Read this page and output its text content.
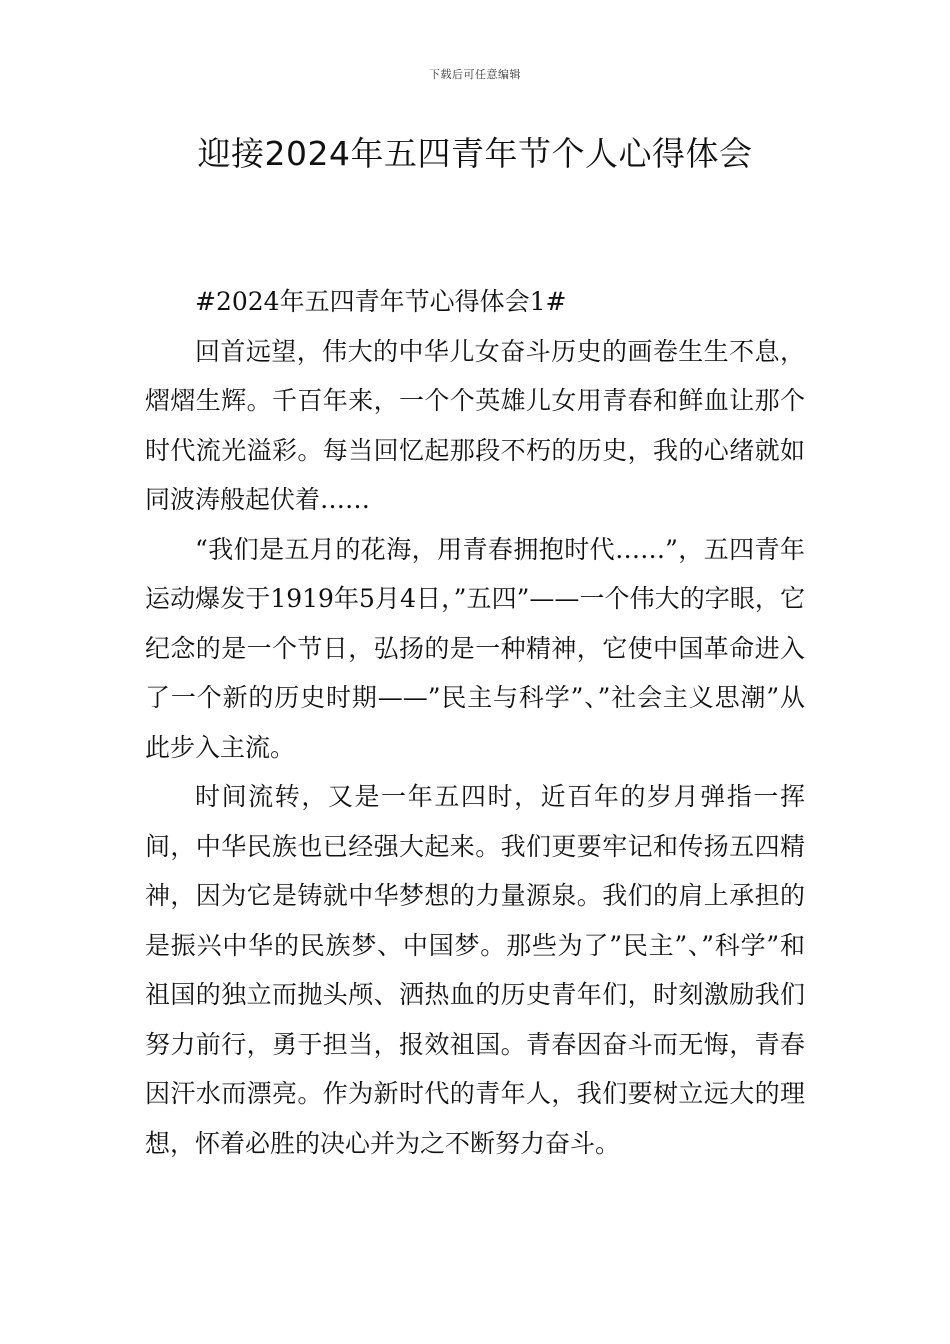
下载后可任意编辑
迎接2024年五四青年节个人心得体会
#2024年五四青年节心得体会1#

回首远望，伟大的中华儿女奋斗历史的画卷生生不息，熠熠生辉。千百年来，一个个英雄儿女用青春和鲜血让那个时代流光溢彩。每当回忆起那段不朽的历史，我的心绪就如同波涛般起伏着……

“我们是五月的花海，用青春拥抱时代……”，五四青年运动爆发于1919年5月4日，”五四”——一个伟大的字眼，它纪念的是一个节日，弘扬的是一种精神，它使中国革命进入了一个新的历史时期——”民主与科学”、”社会主义思潮”从此步入主流。

时间流转，又是一年五四时，近百年的岁月弹指一挥间，中华民族也已经强大起来。我们更要牢记和传扬五四精神，因为它是铸就中华梦想的力量源泉。我们的肩上承担的是振兴中华的民族梦、中国梦。那些为了”民主”、”科学”和祖国的独立而抛头颅、洒热血的历史青年们，时刻激励我们努力前行，勇于担当，报效祖国。青春因奋斗而无悔，青春因汗水而漂亮。作为新时代的青年人，我们要树立远大的理想，怀着必胜的决心并为之不断努力奋斗。
